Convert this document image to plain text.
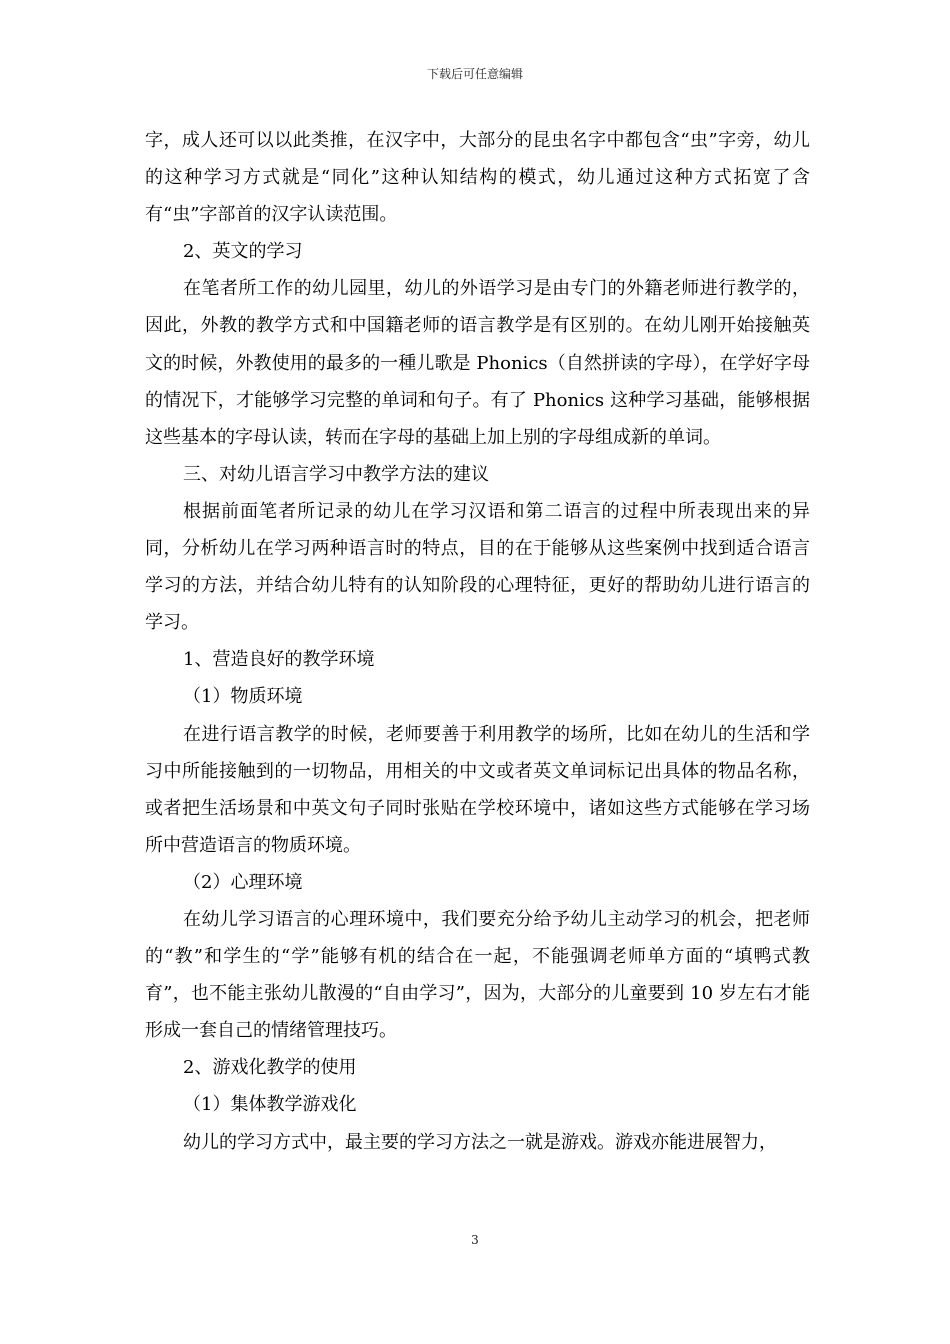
下载后可任意编辑

字，成人还可以以此类推，在汉字中，大部分的昆虫名字中都包含“虫”字旁，幼儿的这种学习方式就是“同化”这种认知结构的模式，幼儿通过这种方式拓宽了含有“虫”字部首的汉字认读范围。

2、英文的学习

在笔者所工作的幼儿园里，幼儿的外语学习是由专门的外籍老师进行教学的，因此，外教的教学方式和中国籍老师的语言教学是有区别的。在幼儿刚开始接触英文的时候，外教使用的最多的一種儿歌是 Phonics（自然拼读的字母），在学好字母的情况下，才能够学习完整的单词和句子。有了 Phonics 这种学习基础，能够根据这些基本的字母认读，转而在字母的基础上加上别的字母组成新的单词。

三、对幼儿语言学习中教学方法的建议

根据前面笔者所记录的幼儿在学习汉语和第二语言的过程中所表现出来的异同，分析幼儿在学习两种语言时的特点，目的在于能够从这些案例中找到适合语言学习的方法，并结合幼儿特有的认知阶段的心理特征，更好的帮助幼儿进行语言的学习。

1、营造良好的教学环境

（1）物质环境

在进行语言教学的时候，老师要善于利用教学的场所，比如在幼儿的生活和学习中所能接触到的一切物品，用相关的中文或者英文单词标记出具体的物品名称，或者把生活场景和中英文句子同时张贴在学校环境中，诸如这些方式能够在学习场所中营造语言的物质环境。

（2）心理环境

在幼儿学习语言的心理环境中，我们要充分给予幼儿主动学习的机会，把老师的“教”和学生的“学”能够有机的结合在一起，不能强调老师单方面的“填鸭式教育”，也不能主张幼儿散漫的“自由学习”，因为，大部分的儿童要到 10 岁左右才能形成一套自己的情绪管理技巧。

2、游戏化教学的使用

（1）集体教学游戏化

幼儿的学习方式中，最主要的学习方法之一就是游戏。游戏亦能进展智力，

3
